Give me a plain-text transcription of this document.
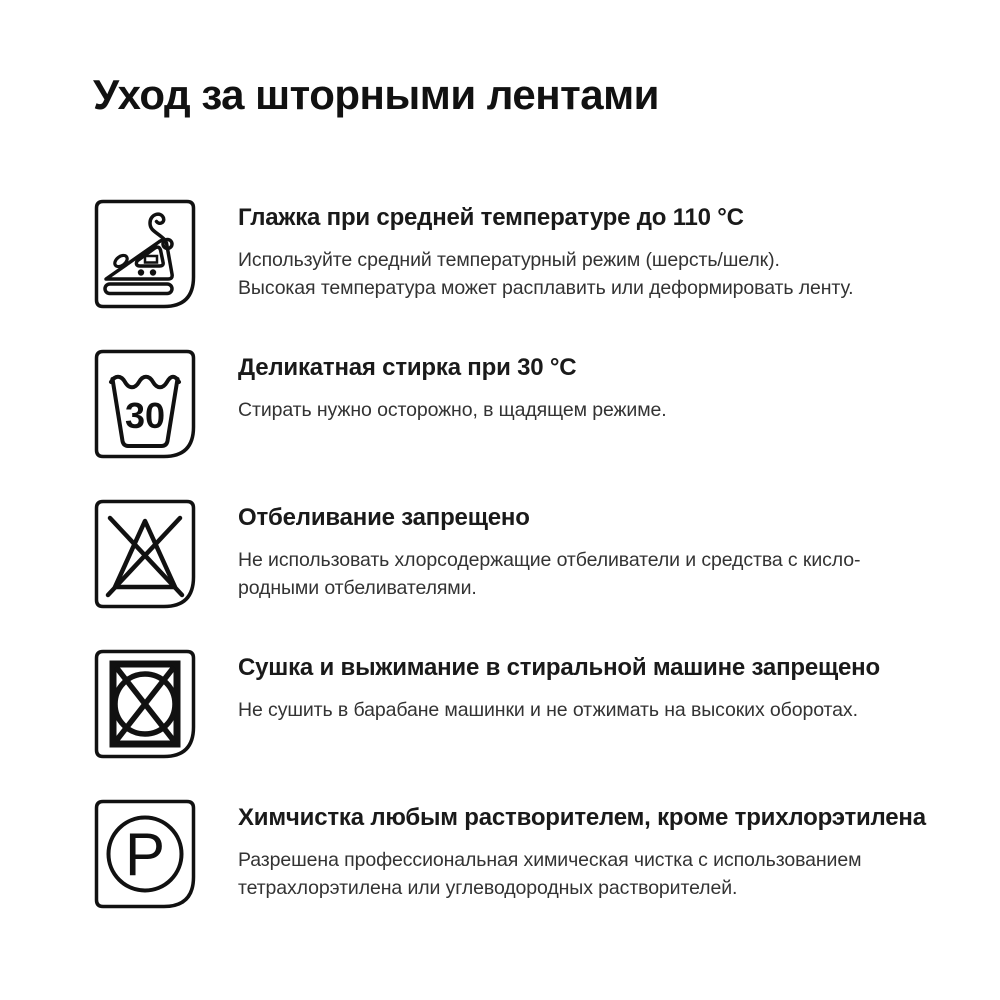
Уход за шторными лентами
Глажка при средней температуре до 110 °C

Используйте средний температурный режим (шерсть/шелк).

Высокая температура может расплавить или деформировать ленту.

30
Деликатная стирка при 30 °C

Стирать нужно осторожно, в щадящем режиме.

Отбеливание запрещено

Не использовать хлорсодержащие отбеливатели и средства с кисло-

родными отбеливателями.

Сушка и выжимание в стиральной машине запрещено

Не сушить в барабане машинки и не отжимать на высоких оборотах.

P
Химчистка любым растворителем, кроме трихлорэтилена

Разрешена профессиональная химическая чистка с использованием

тетрахлорэтилена или углеводородных растворителей.
